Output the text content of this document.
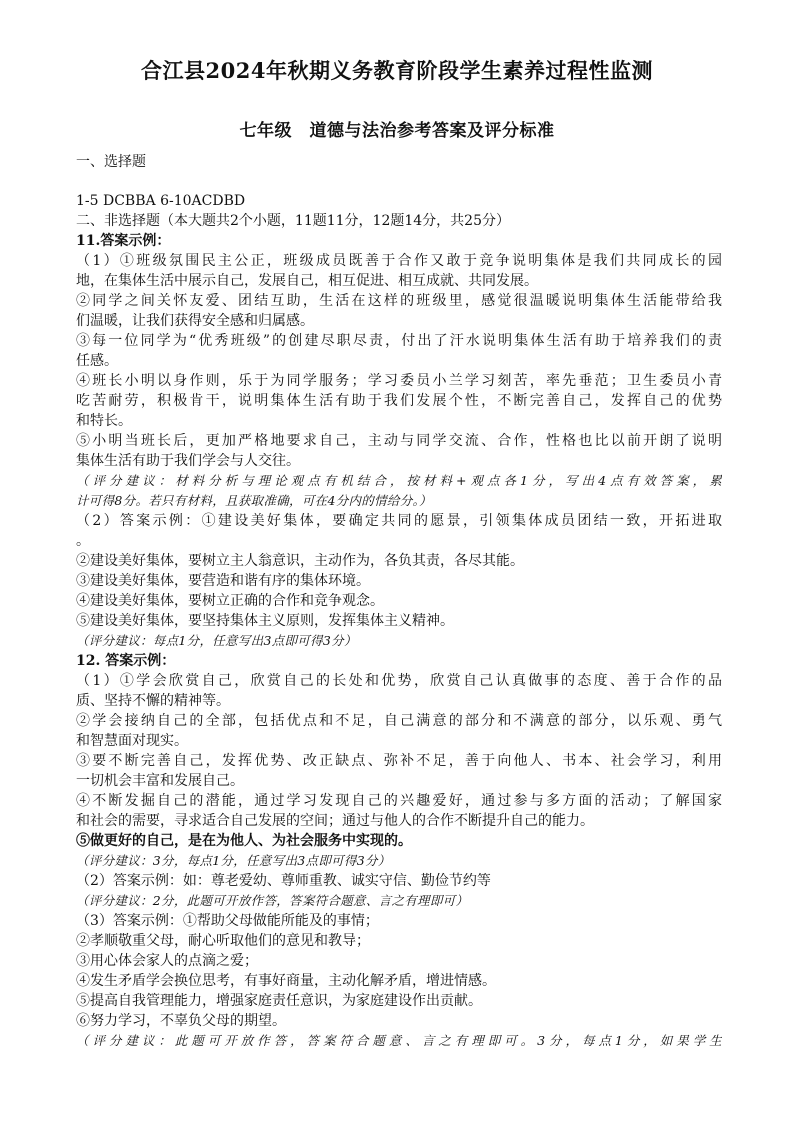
合江县2024年秋期义务教育阶段学生素养过程性监测
七年级　道德与法治参考答案及评分标准
一、选择题
1-5 DCBBA 6-10ACDBD
二、非选择题（本大题共2个小题，11题11分，12题14分，共25分）
11.答案示例：
（1）①班级氛围民主公正，班级成员既善于合作又敢于竞争说明集体是我们共同成长的园
地，在集体生活中展示自己，发展自己，相互促进、相互成就、共同发展。
②同学之间关怀友爱、团结互助，生活在这样的班级里，感觉很温暖说明集体生活能带给我
们温暖，让我们获得安全感和归属感。
③每一位同学为“优秀班级”的创建尽职尽责，付出了汗水说明集体生活有助于培养我们的责
任感。
④班长小明以身作则，乐于为同学服务；学习委员小兰学习刻苦，率先垂范；卫生委员小青
吃苦耐劳，积极肯干，说明集体生活有助于我们发展个性，不断完善自己，发挥自己的优势
和特长。
⑤小明当班长后，更加严格地要求自己，主动与同学交流、合作，性格也比以前开朗了说明
集体生活有助于我们学会与人交往。
（评分建议：材料分析与理论观点有机结合，按材料+观点各1分，写出4点有效答案，累
计可得8分。若只有材料，且获取准确，可在4分内的情给分。）
（2）答案示例：①建设美好集体，要确定共同的愿景，引领集体成员团结一致，开拓进取
。
②建设美好集体，要树立主人翁意识，主动作为，各负其责，各尽其能。
③建设美好集体，要营造和谐有序的集体环境。
④建设美好集体，要树立正确的合作和竞争观念。
⑤建设美好集体，要坚持集体主义原则，发挥集体主义精神。
（评分建议：每点1分，任意写出3点即可得3分）
12. 答案示例：
（1）①学会欣赏自己，欣赏自己的长处和优势，欣赏自己认真做事的态度、善于合作的品
质、坚持不懈的精神等。
②学会接纳自己的全部，包括优点和不足，自己满意的部分和不满意的部分，以乐观、勇气
和智慧面对现实。
③要不断完善自己，发挥优势、改正缺点、弥补不足，善于向他人、书本、社会学习，利用
一切机会丰富和发展自己。
④不断发掘自己的潜能，通过学习发现自己的兴趣爱好，通过参与多方面的活动；了解国家
和社会的需要，寻求适合自己发展的空间；通过与他人的合作不断提升自己的能力。
⑤做更好的自己，是在为他人、为社会服务中实现的。
（评分建议：3分，每点1分，任意写出3点即可得3分）
（2）答案示例：如：尊老爱幼、尊师重教、诚实守信、勤俭节约等
（评分建议：2分，此题可开放作答，答案符合题意、言之有理即可）
（3）答案示例：①帮助父母做能所能及的事情；
②孝顺敬重父母，耐心听取他们的意见和教导；
③用心体会家人的点滴之爱；
④发生矛盾学会换位思考，有事好商量，主动化解矛盾，增进情感。
⑤提高自我管理能力，增强家庭责任意识，为家庭建设作出贡献。
⑥努力学习，不辜负父母的期望。
（评分建议：此题可开放作答，答案符合题意、言之有理即可。3分，每点1分，如果学生
